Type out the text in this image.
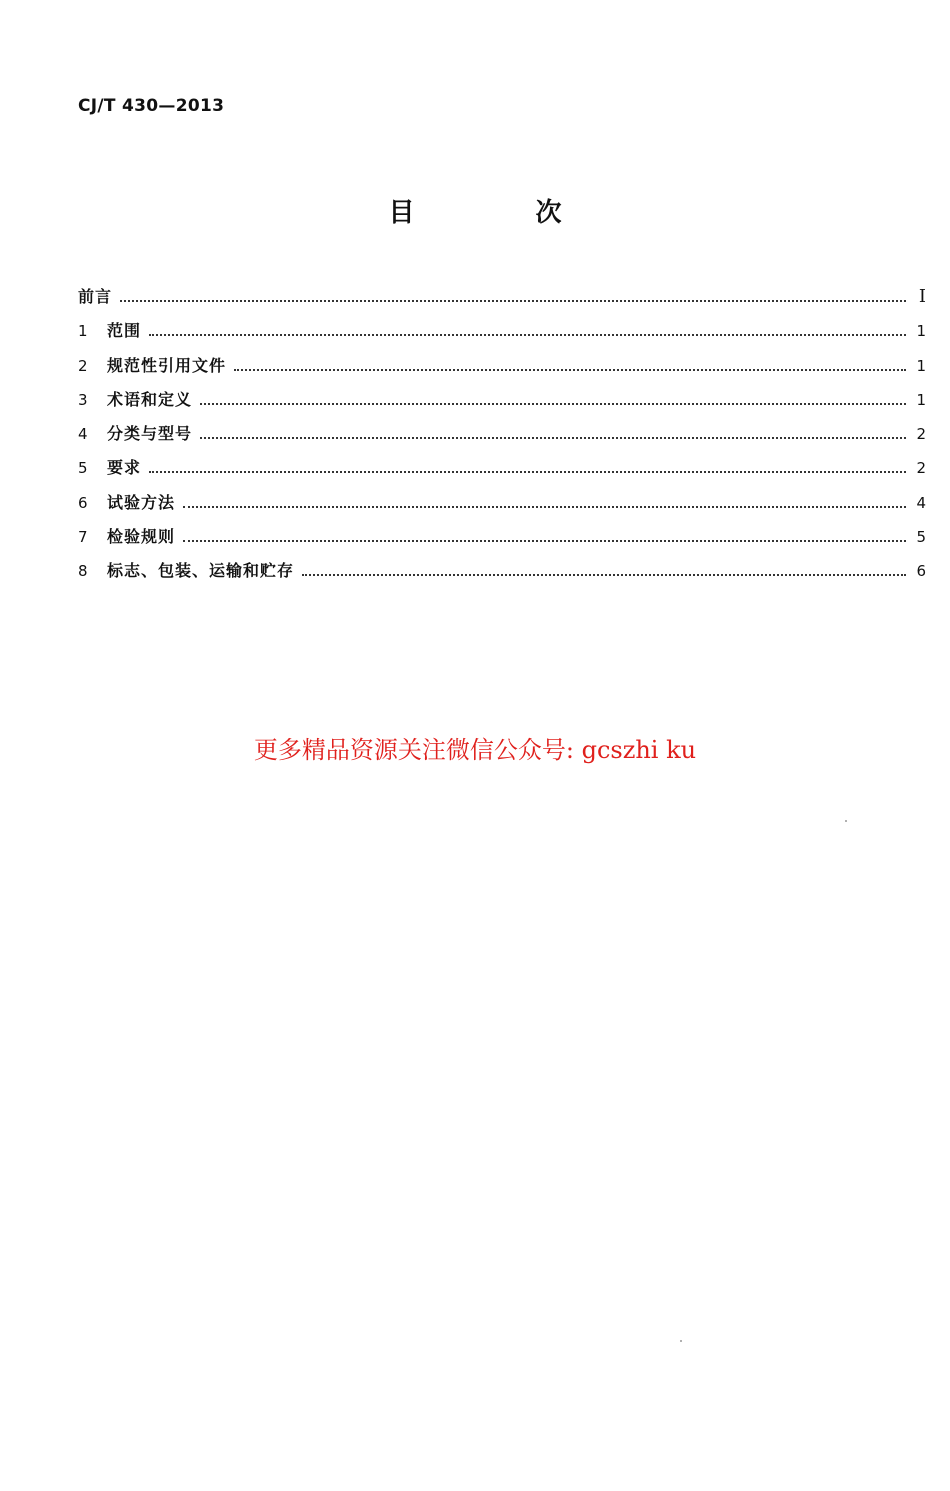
CJ/T 430—2013
目 次
前言	I
1	范围	1
2	规范性引用文件	1
3	术语和定义	1
4	分类与型号	2
5	要求	2
6	试验方法	4
7	检验规则	5
8	标志、包装、运输和贮存	6
更多精品资源关注微信公众号: gcszhi ku
